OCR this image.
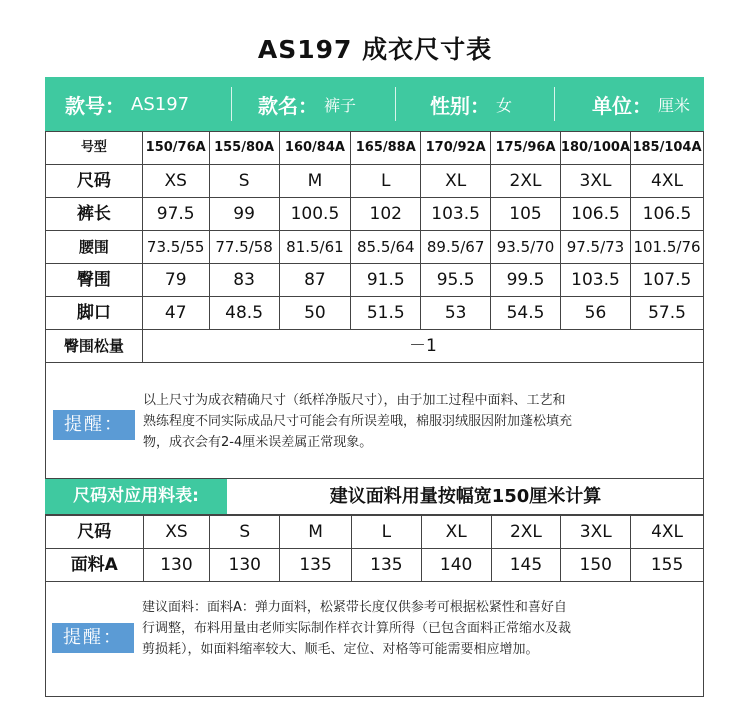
AS197 成衣尺寸表
款号： AS197	款名： 裤子	性别： 女	单位： 厘米
号型	150/76A	155/80A	160/84A	165/88A	170/92A	175/96A	180/100A	185/104A
尺码	XS	S	M	L	XL	2XL	3XL	4XL
裤长	97.5	99	100.5	102	103.5	105	106.5	106.5
腰围	73.5/55	77.5/58	81.5/61	85.5/64	89.5/67	93.5/70	97.5/73	101.5/76
臀围	79	83	87	91.5	95.5	99.5	103.5	107.5
脚口	47	48.5	50	51.5	53	54.5	56	57.5
臀围松量	－1							
提醒：
以上尺寸为成衣精确尺寸（纸样净版尺寸），由于加工过程中面料、工艺和
熟练程度不同实际成品尺寸可能会有所误差哦，棉服羽绒服因附加蓬松填充
物，成衣会有2-4厘米误差属正常现象。
尺码对应用料表:	建议面料用量按幅宽150厘米计算
尺码	XS	S	M	L	XL	2XL	3XL	4XL
面料A	130	130	135	135	140	145	150	155
提醒：
建议面料：面料A：弹力面料，松紧带长度仅供参考可根据松紧性和喜好自
行调整，布料用量由老师实际制作样衣计算所得（已包含面料正常缩水及裁
剪损耗），如面料缩率较大、顺毛、定位、对格等可能需要相应增加。
